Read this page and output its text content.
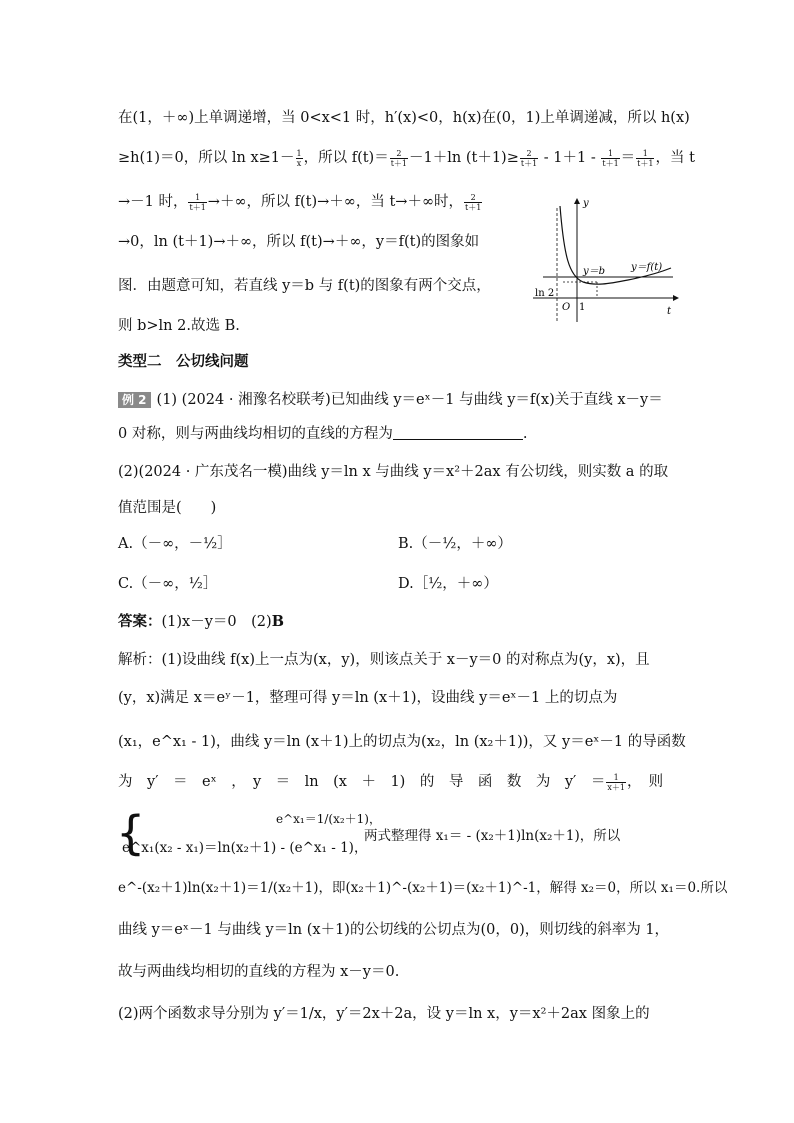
在(1，＋∞)上单调递增，当 0<x<1 时，h′(x)<0，h(x)在(0，1)上单调递减，所以 h(x)
≥h(1)＝0，所以 $\ln x\ge 1- \frac{1}{x}$ ，所以 $f(t)= \frac{2}{t+1} -1+\ln$ $(t+1)\ge \frac{2}{t+1} - 1+1 - \frac{1}{t+1} = \frac{1}{t+1}$ ，当 t
→－1 时， $\frac{1}{t+1}$ →＋∞，所以 f(t)→＋∞，当 t→＋∞时， $\frac{2}{t+1}$
→0，ln (t＋1)→＋∞，所以 f(t)→＋∞，y＝f(t)的图象如
图．由题意可知，若直线 y＝b 与 f(t)的图象有两个交点，
则 b>ln 2.故选 B.
y
t
O 1
ln 2
y＝b	y＝f(t)
类型二　公切线问题
例 2 (1) (2024 · 湘豫名校联考)已知曲线 y＝eˣ－1 与曲线 y＝f(x)关于直线 x－y＝
0 对称，则与两曲线均相切的直线的方程为	.
(2)(2024 · 广东茂名一模)曲线 y＝ln x 与曲线 y＝x²＋2ax 有公切线，则实数 a 的取
值范围是(　　)
A.（－∞，－½］	B.（－½，＋∞）
C.（－∞，½］	D.［½，＋∞）
答案：(1)x－y＝0　(2)B
解析：(1)设曲线 f(x)上一点为(x，y)，则该点关于 x－y＝0 的对称点为(y，x)，且
(y，x)满足 x＝eʸ－1，整理可得 y＝ln (x＋1)，设曲线 y＝eˣ－1 上的切点为
(x₁，e^x₁ - 1)，曲线 y＝ln (x＋1)上的切点为(x₂，ln (x₂＋1))，又 y＝eˣ－1 的导函数
为　y′　＝　eˣ　，　y　＝　ln　(x　＋　1)　的　导　函　数　为　y′　＝ $\frac{1}{x+1}$ ，　则
{	e^x₁＝1/(x₂＋1)，
e^x₁(x₂ - x₁)＝ln(x₂＋1) - (e^x₁ - 1)，
两式整理得 x₁＝ - (x₂＋1)ln(x₂＋1)，所以
e^-(x₂＋1)ln(x₂＋1)＝1/(x₂＋1)，即(x₂＋1)^-(x₂＋1)＝(x₂＋1)^-1，解得 x₂＝0，所以 x₁＝0.所以
曲线 y＝eˣ－1 与曲线 y＝ln (x＋1)的公切线的公切点为(0，0)，则切线的斜率为 1，
故与两曲线均相切的直线的方程为 x－y＝0.
(2)两个函数求导分别为 y′＝1/x，y′＝2x＋2a，设 y＝ln x，y＝x²＋2ax 图象上的
